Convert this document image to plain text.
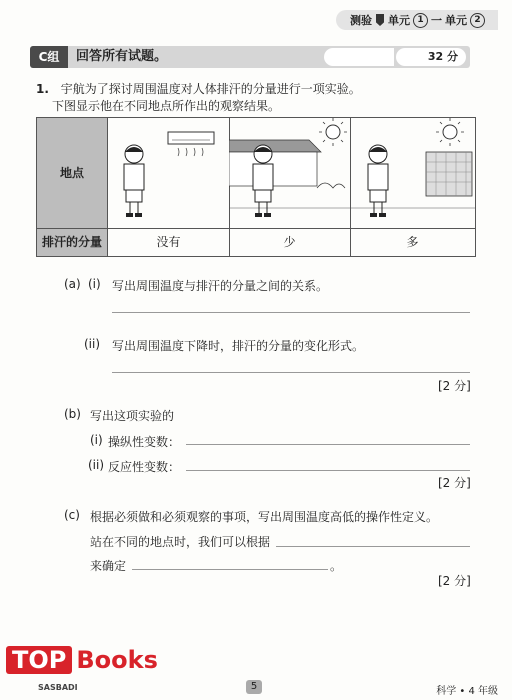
测验 单元 1 一 单元 2
C组	回答所有试题。	32 分
1. 宇航为了探讨周围温度对人体排汗的分量进行一项实验。
下图显示他在不同地点所作出的观察结果。
地点
排汗的分量	没有	少	多
(a) (i) 写出周围温度与排汗的分量之间的关系。
(ii) 写出周围温度下降时，排汗的分量的变化形式。
[2 分]
(b) 写出这项实验的
(i) 操纵性变数：
(ii) 反应性变数：
[2 分]
(c) 根据必须做和必须观察的事项，写出周围温度高低的操作性定义。
站在不同的地点时，我们可以根据
来确定	。
[2 分]
TOP Books
SASBADI	5	科学 • 4 年级
